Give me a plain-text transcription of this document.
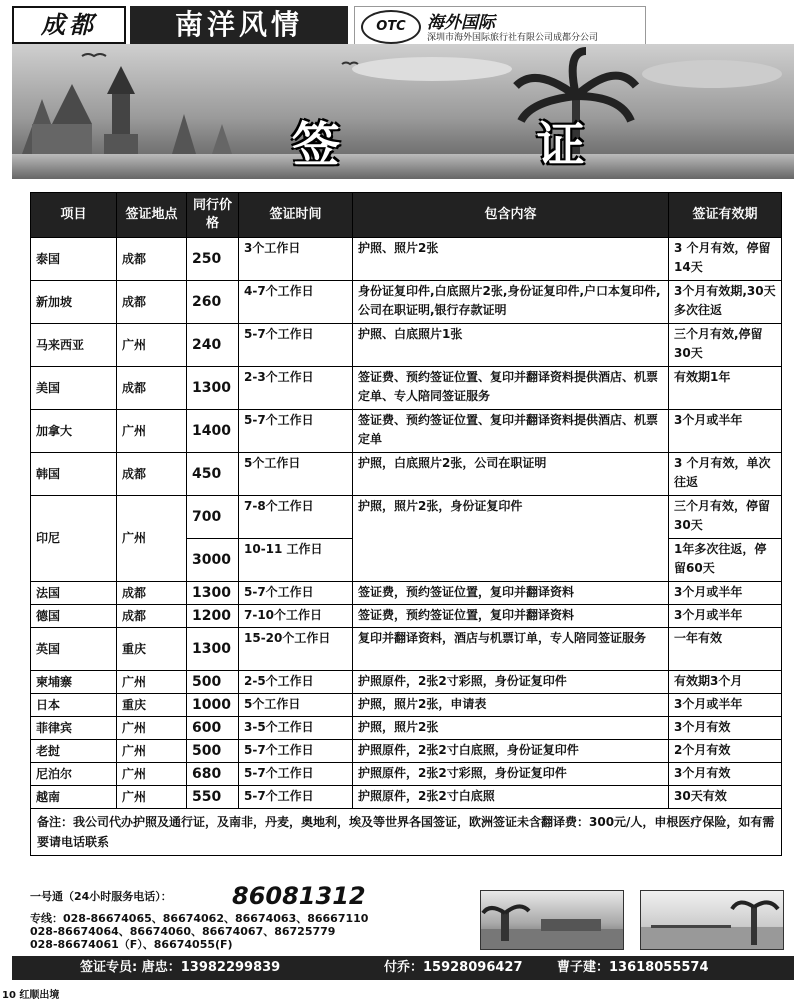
成都	南洋风情	OTC	海外国际
深圳市海外国际旅行社有限公司成都分公司
签 证
项目	签证地点	同行价格	签证时间	包含内容	签证有效期
泰国	成都	250	3个工作日	护照、照片2张	3 个月有效，停留14天
新加坡	成都	260	4-7个工作日	身份证复印件,白底照片2张,身份证复印件,户口本复印件,公司在职证明,银行存款证明	3个月有效期,30天多次往返
马来西亚	广州	240	5-7个工作日	护照、白底照片1张	三个月有效,停留30天
美国	成都	1300	2-3个工作日	签证费、预约签证位置、复印并翻译资料提供酒店、机票定单、专人陪同签证服务	有效期1年
加拿大	广州	1400	5-7个工作日	签证费、预约签证位置、复印并翻译资料提供酒店、机票定单	3个月或半年
韩国	成都	450	5个工作日	护照，白底照片2张，公司在职证明	3 个月有效，单次往返
印尼	广州	700	7-8个工作日	护照，照片2张，身份证复印件	三个月有效，停留30天
		3000	10-11 工作日		1年多次往返，停留60天
法国	成都	1300	5-7个工作日	签证费，预约签证位置，复印并翻译资料	3个月或半年
德国	成都	1200	7-10个工作日	签证费，预约签证位置，复印并翻译资料	3个月或半年
英国	重庆	1300	15-20个工作日	复印并翻译资料，酒店与机票订单，专人陪同签证服务	一年有效
柬埔寨	广州	500	2-5个工作日	护照原件，2张2寸彩照，身份证复印件	有效期3个月
日本	重庆	1000	5个工作日	护照，照片2张，申请表	3个月或半年
菲律宾	广州	600	3-5个工作日	护照，照片2张	3个月有效
老挝	广州	500	5-7个工作日	护照原件，2张2寸白底照，身份证复印件	2个月有效
尼泊尔	广州	680	5-7个工作日	护照原件，2张2寸彩照，身份证复印件	3个月有效
越南	广州	550	5-7个工作日	护照原件，2张2寸白底照	30天有效
备注：我公司代办护照及通行证，及南非，丹麦，奥地利，埃及等世界各国签证，欧洲签证未含翻译费：300元/人，申根医疗保险，如有需要请电话联系					
一号通（24小时服务电话）：	86081312
专线：028-86674065、86674062、86674063、86667110
028-86674064、86674060、86674067、86725779
028-86674061（F）、86674055(F)
签证专员: 唐忠：13982299839	付乔：15928096427	曹子建：13618055574
10 红顺出境
